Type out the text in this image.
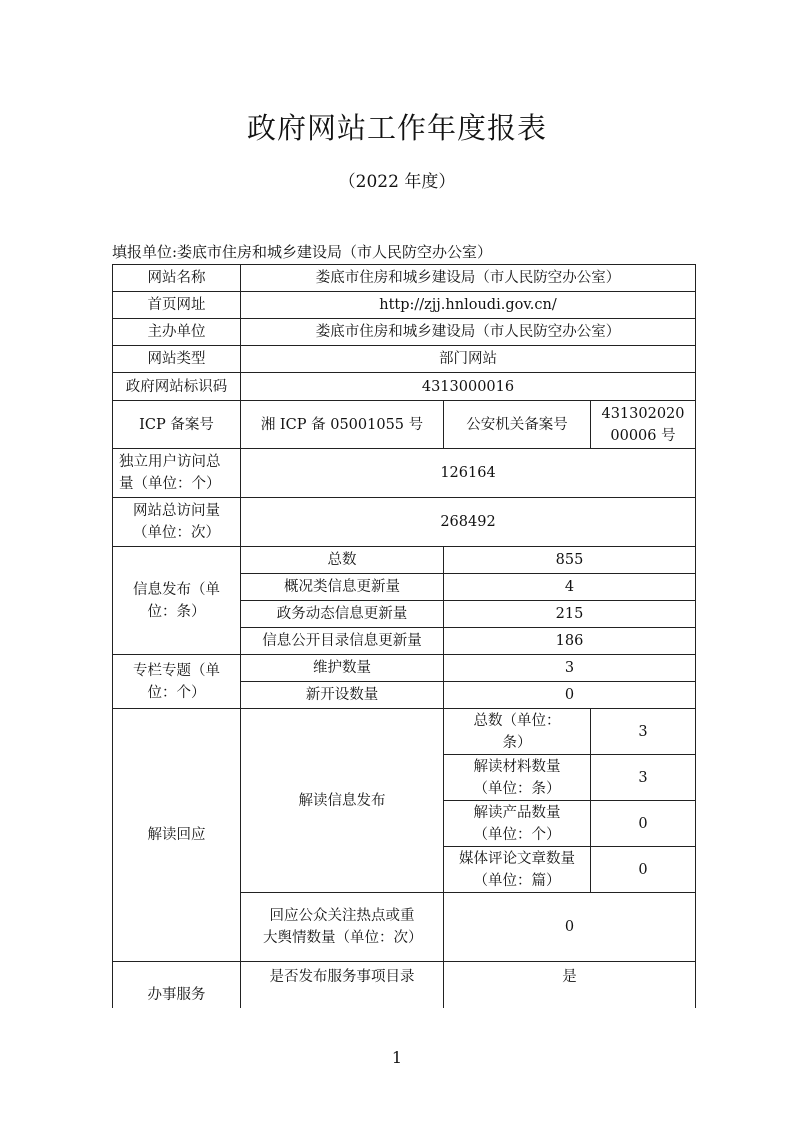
政府网站工作年度报表
（2022 年度）
填报单位:娄底市住房和城乡建设局（市人民防空办公室）
网站名称	娄底市住房和城乡建设局（市人民防空办公室）		
首页网址	http://zjj.hnloudi.gov.cn/		
主办单位	娄底市住房和城乡建设局（市人民防空办公室）		
网站类型	部门网站		
政府网站标识码	4313000016		
ICP 备案号	湘 ICP 备 05001055 号	公安机关备案号	43130202000006 号
独立用户访问总量（单位：个）	126164		
网站总访问量（单位：次）	268492		
信息发布（单位：条）	总数	855	
	概况类信息更新量	4	
	政务动态信息更新量	215	
	信息公开目录信息更新量	186	
专栏专题（单位：个）	维护数量	3	
	新开设数量	0	
解读回应	解读信息发布	总数（单位：条）	3
		解读材料数量（单位：条）	3
		解读产品数量（单位：个）	0
		媒体评论文章数量（单位：篇）	0
	回应公众关注热点或重大舆情数量（单位：次）	0	
办事服务	是否发布服务事项目录	是	
1
